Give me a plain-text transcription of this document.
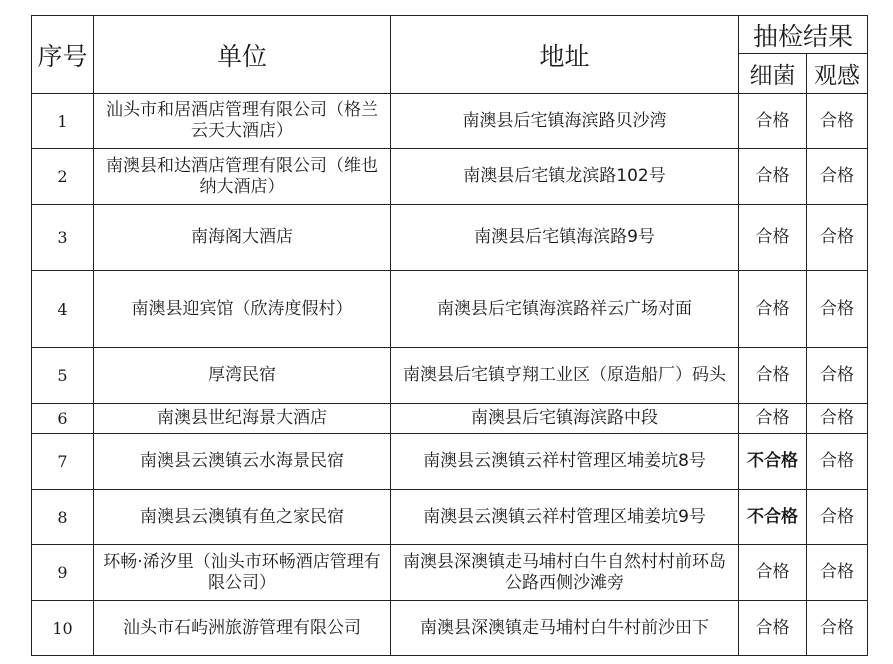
序号	单位	地址	抽检结果	
			细菌	观感
1	汕头市和居酒店管理有限公司（格兰云天大酒店）	南澳县后宅镇海滨路贝沙湾	合格	合格
2	南澳县和达酒店管理有限公司（维也纳大酒店）	南澳县后宅镇龙滨路102号	合格	合格
3	南海阁大酒店	南澳县后宅镇海滨路9号	合格	合格
4	南澳县迎宾馆（欣涛度假村）	南澳县后宅镇海滨路祥云广场对面	合格	合格
5	厚湾民宿	南澳县后宅镇亨翔工业区（原造船厂）码头	合格	合格
6	南澳县世纪海景大酒店	南澳县后宅镇海滨路中段	合格	合格
7	南澳县云澳镇云水海景民宿	南澳县云澳镇云祥村管理区埔姜坑8号	不合格	合格
8	南澳县云澳镇有鱼之家民宿	南澳县云澳镇云祥村管理区埔姜坑9号	不合格	合格
9	环畅·浠汐里（汕头市环畅酒店管理有限公司）	南澳县深澳镇走马埔村白牛自然村村前环岛公路西侧沙滩旁	合格	合格
10	汕头市石屿洲旅游管理有限公司	南澳县深澳镇走马埔村白牛村前沙田下	合格	合格
